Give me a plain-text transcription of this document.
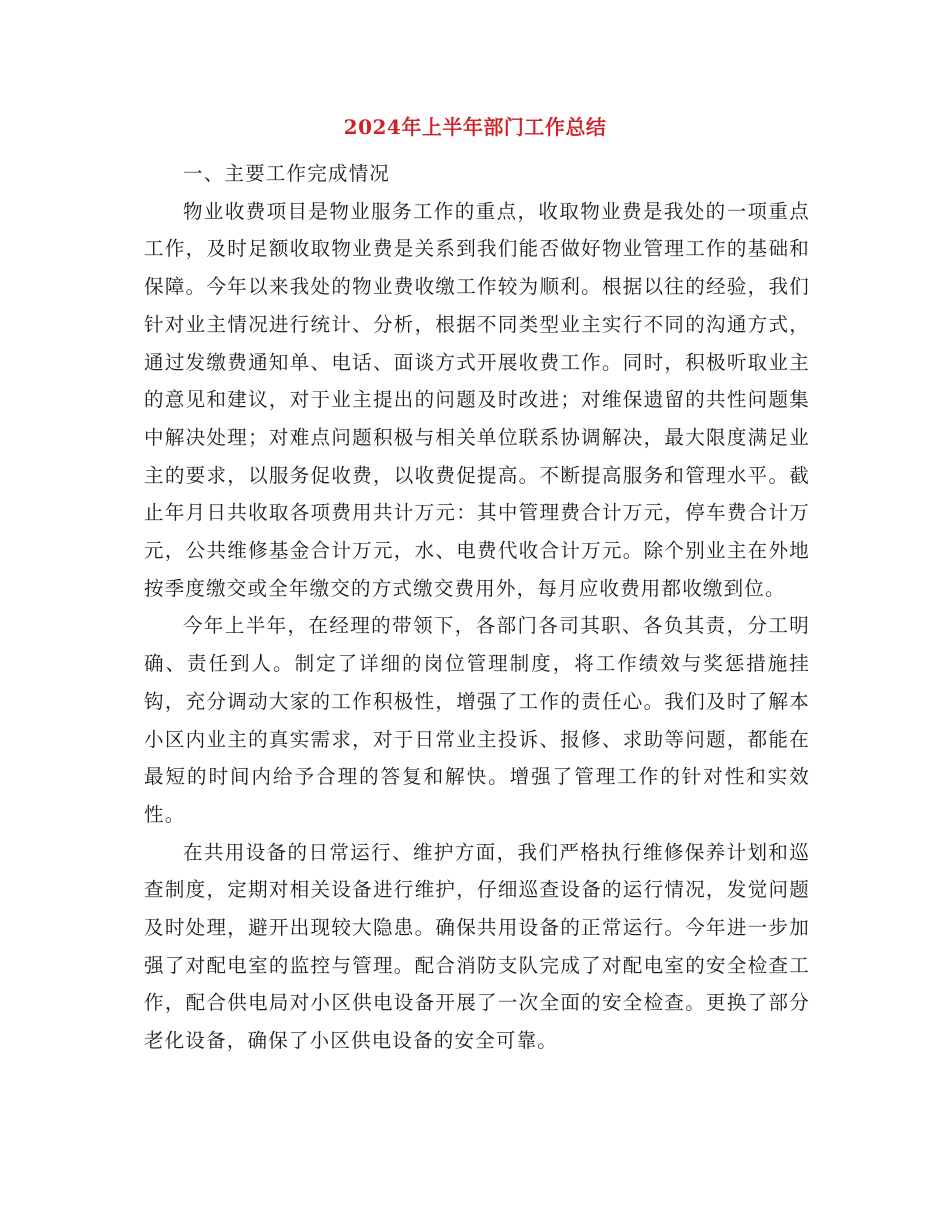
2024年上半年部门工作总结
一、主要工作完成情况

物业收费项目是物业服务工作的重点，收取物业费是我处的一项重点工作，及时足额收取物业费是关系到我们能否做好物业管理工作的基础和保障。今年以来我处的物业费收缴工作较为顺利。根据以往的经验，我们针对业主情况进行统计、分析，根据不同类型业主实行不同的沟通方式，通过发缴费通知单、电话、面谈方式开展收费工作。同时，积极听取业主的意见和建议，对于业主提出的问题及时改进；对维保遗留的共性问题集中解决处理；对难点问题积极与相关单位联系协调解决，最大限度满足业主的要求，以服务促收费，以收费促提高。不断提高服务和管理水平。截止年月日共收取各项费用共计万元：其中管理费合计万元，停车费合计万元，公共维修基金合计万元，水、电费代收合计万元。除个别业主在外地按季度缴交或全年缴交的方式缴交费用外，每月应收费用都收缴到位。

今年上半年，在经理的带领下，各部门各司其职、各负其责，分工明确、责任到人。制定了详细的岗位管理制度，将工作绩效与奖惩措施挂钩，充分调动大家的工作积极性，增强了工作的责任心。我们及时了解本小区内业主的真实需求，对于日常业主投诉、报修、求助等问题，都能在最短的时间内给予合理的答复和解快。增强了管理工作的针对性和实效性。

在共用设备的日常运行、维护方面，我们严格执行维修保养计划和巡查制度，定期对相关设备进行维护，仔细巡查设备的运行情况，发觉问题及时处理，避开出现较大隐患。确保共用设备的正常运行。今年进一步加强了对配电室的监控与管理。配合消防支队完成了对配电室的安全检查工作，配合供电局对小区供电设备开展了一次全面的安全检查。更换了部分老化设备，确保了小区供电设备的安全可靠。
